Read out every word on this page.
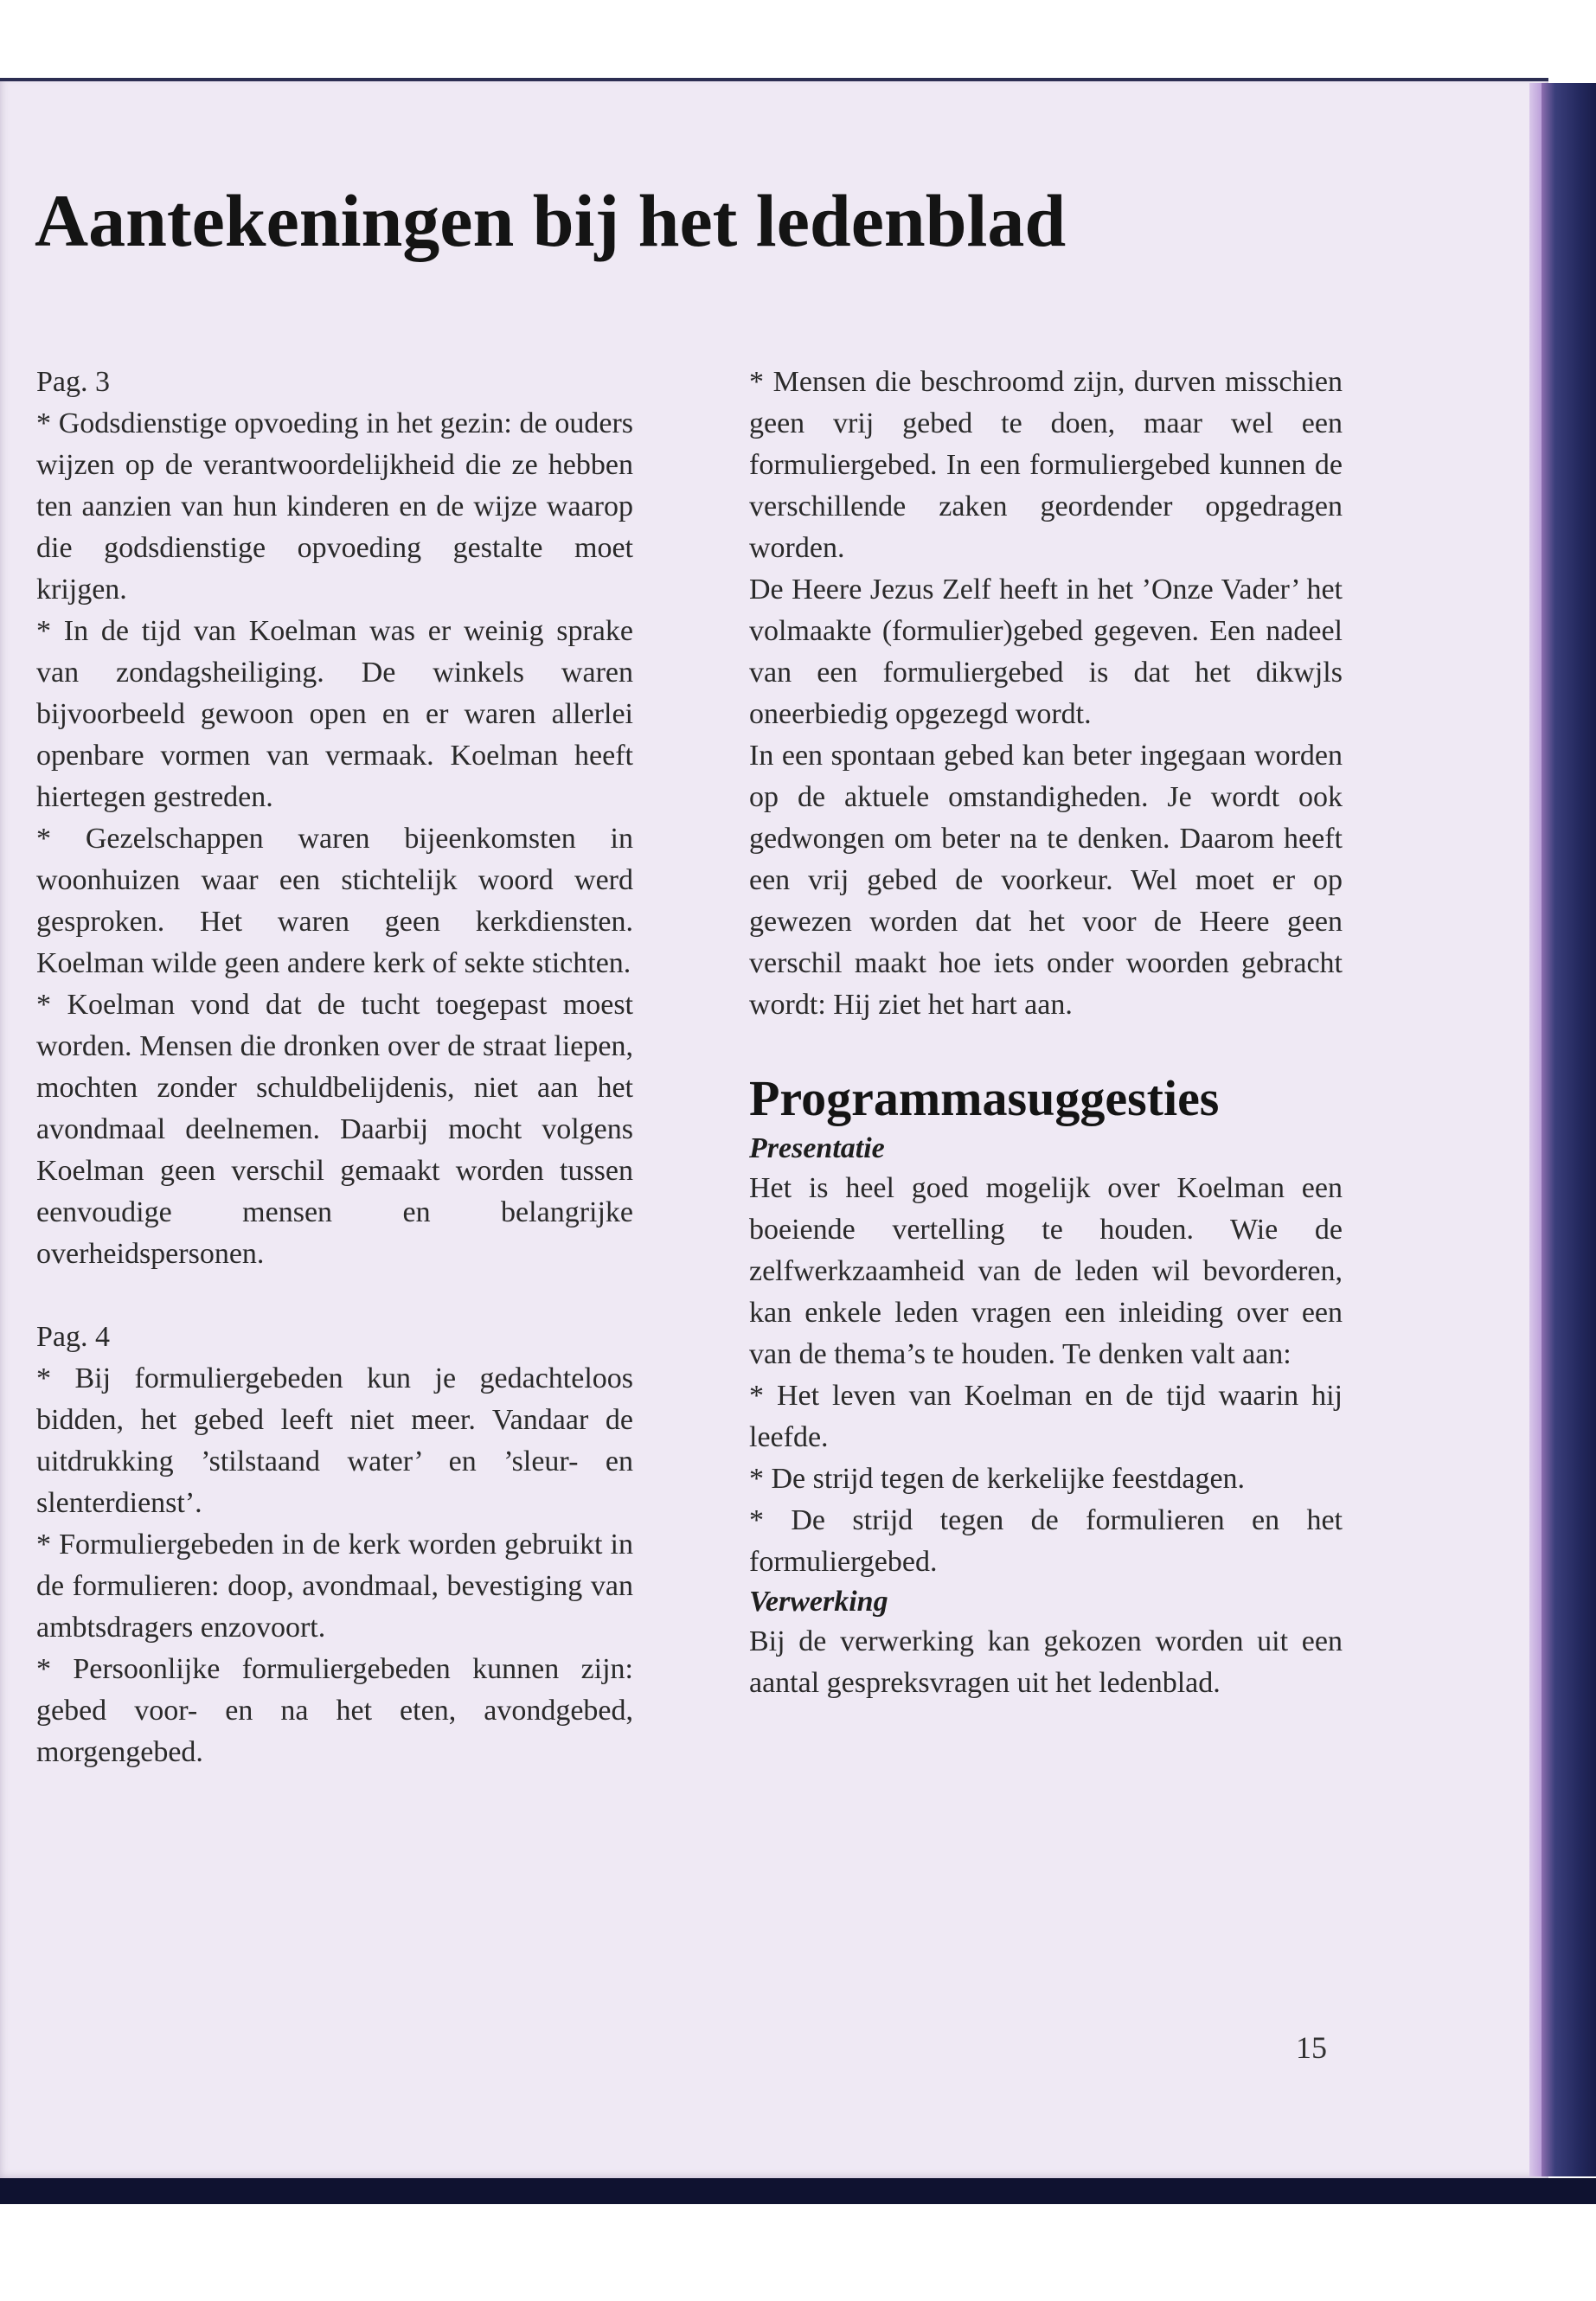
Aantekeningen bij het ledenblad

Pag. 3

* Godsdienstige opvoeding in het gezin: de ouders wijzen op de verantwoordelijkheid die ze hebben ten aanzien van hun kinderen en de wijze waarop die godsdienstige opvoeding gestalte moet krijgen.

* In de tijd van Koelman was er weinig sprake van zondagsheiliging. De winkels waren bijvoorbeeld gewoon open en er waren allerlei openbare vormen van vermaak. Koelman heeft hiertegen gestreden.

* Gezelschappen waren bijeenkomsten in woonhuizen waar een stichtelijk woord werd gesproken. Het waren geen kerkdiensten. Koelman wilde geen andere kerk of sekte stichten.

* Koelman vond dat de tucht toegepast moest worden. Mensen die dronken over de straat liepen, mochten zonder schuldbelijdenis, niet aan het avondmaal deelnemen. Daarbij mocht volgens Koelman geen verschil gemaakt worden tussen eenvoudige mensen en belangrijke overheidspersonen.

Pag. 4

* Bij formuliergebeden kun je gedachteloos bidden, het gebed leeft niet meer. Vandaar de uitdrukking ’stilstaand water’ en ’sleur- en slenterdienst’.

* Formuliergebeden in de kerk worden gebruikt in de formulieren: doop, avondmaal, bevestiging van ambtsdragers enzovoort.

* Persoonlijke formuliergebeden kunnen zijn: gebed voor- en na het eten, avondgebed, morgengebed.

* Mensen die beschroomd zijn, durven misschien geen vrij gebed te doen, maar wel een formuliergebed. In een formuliergebed kunnen de verschillende zaken geordender opgedragen worden.

De Heere Jezus Zelf heeft in het ’Onze Vader’ het volmaakte (formulier)gebed gegeven. Een nadeel van een formuliergebed is dat het dikwjls oneerbiedig opgezegd wordt.

In een spontaan gebed kan beter ingegaan worden op de aktuele omstandigheden. Je wordt ook gedwongen om beter na te denken. Daarom heeft een vrij gebed de voorkeur. Wel moet er op gewezen worden dat het voor de Heere geen verschil maakt hoe iets onder woorden gebracht wordt: Hij ziet het hart aan.

Programmasuggesties
Presentatie

Het is heel goed mogelijk over Koelman een boeiende vertelling te houden. Wie de zelfwerkzaamheid van de leden wil bevorderen, kan enkele leden vragen een inleiding over een van de thema’s te houden. Te denken valt aan:

* Het leven van Koelman en de tijd waarin hij leefde.

* De strijd tegen de kerkelijke feestdagen.

* De strijd tegen de formulieren en het formuliergebed.

Verwerking

Bij de verwerking kan gekozen worden uit een aantal gespreksvragen uit het ledenblad.

15
